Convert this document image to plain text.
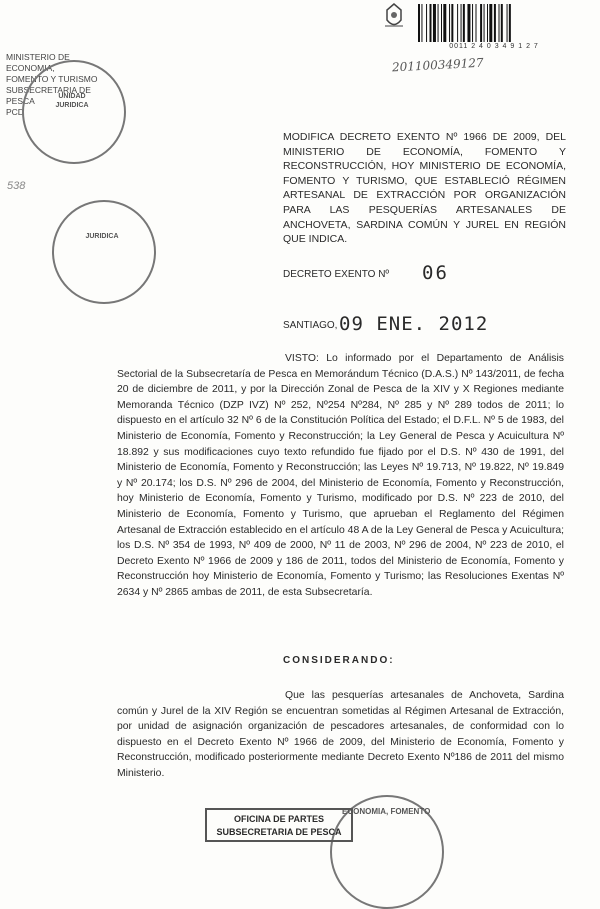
0011 2 4 0 3 4 9 1 2 7
201100349127
MINISTERIO DE ECONOMIA,
FOMENTO Y TURISMO
SUBSECRETARIA DE PESCA
PCD
UNIDAD JURIDICA
538
JURIDICA
MODIFICA DECRETO EXENTO Nº 1966 DE 2009, DEL MINISTERIO DE ECONOMÍA, FOMENTO Y RECONSTRUCCIÓN, HOY MINISTERIO DE ECONOMÍA, FOMENTO Y TURISMO, QUE ESTABLECIÓ RÉGIMEN ARTESANAL DE EXTRACCIÓN POR ORGANIZACIÓN PARA LAS PESQUERÍAS ARTESANALES DE ANCHOVETA, SARDINA COMÚN Y JUREL EN REGIÓN QUE INDICA.
DECRETO EXENTO Nº 06
SANTIAGO, 09 ENE. 2012
VISTO: Lo informado por el Departamento de Análisis Sectorial de la Subsecretaría de Pesca en Memorándum Técnico (D.A.S.) Nº 143/2011, de fecha 20 de diciembre de 2011, y por la Dirección Zonal de Pesca de la XIV y X Regiones mediante Memoranda Técnico (DZP IVZ) Nº 252, Nº254 Nº284, Nº 285 y Nº 289 todos de 2011; lo dispuesto en el artículo 32 Nº 6 de la Constitución Política del Estado; el D.F.L. Nº 5 de 1983, del Ministerio de Economía, Fomento y Reconstrucción; la Ley General de Pesca y Acuicultura Nº 18.892 y sus modificaciones cuyo texto refundido fue fijado por el D.S. Nº 430 de 1991, del Ministerio de Economía, Fomento y Reconstrucción; las Leyes Nº 19.713, Nº 19.822, Nº 19.849 y Nº 20.174; los D.S. Nº 296 de 2004, del Ministerio de Economía, Fomento y Reconstrucción, hoy Ministerio de Economía, Fomento y Turismo, modificado por D.S. Nº 223 de 2010, del Ministerio de Economía, Fomento y Turismo, que aprueban el Reglamento del Régimen Artesanal de Extracción establecido en el artículo 48 A de la Ley General de Pesca y Acuicultura; los D.S. Nº 354 de 1993, Nº 409 de 2000, Nº 11 de 2003, Nº 296 de 2004, Nº 223 de 2010, el Decreto Exento Nº 1966 de 2009 y 186 de 2011, todos del Ministerio de Economía, Fomento y Reconstrucción hoy Ministerio de Economía, Fomento y Turismo; las Resoluciones Exentas Nº 2634 y Nº 2865 ambas de 2011, de esta Subsecretaría.
CONSIDERANDO:
Que las pesquerías artesanales de Anchoveta, Sardina común y Jurel de la XIV Región se encuentran sometidas al Régimen Artesanal de Extracción, por unidad de asignación organización de pescadores artesanales, de conformidad con lo dispuesto en el Decreto Exento Nº 1966 de 2009, del Ministerio de Economía, Fomento y Reconstrucción, modificado posteriormente mediante Decreto Exento Nº186 de 2011 del mismo Ministerio.
ECONOMIA, FOMENTO
OFICINA DE PARTES
SUBSECRETARIA DE PESCA
